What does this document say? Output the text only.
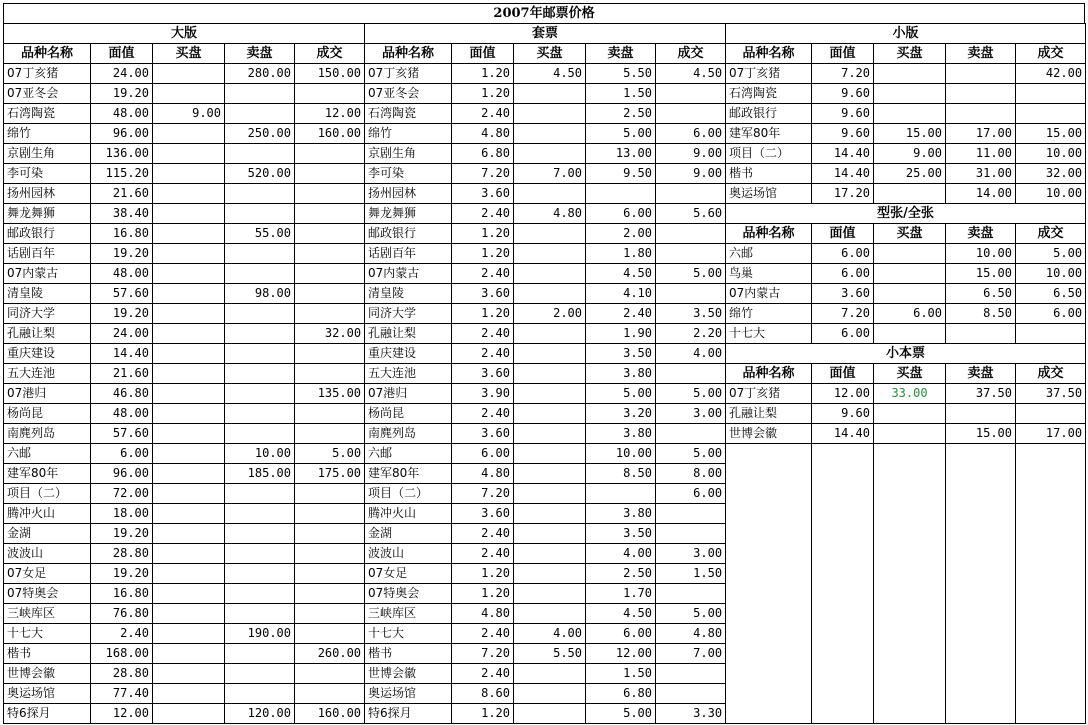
2007年邮票价格
大版				
品种名称	面值	买盘	卖盘	成交
07丁亥猪	24.00		280.00	150.00
07亚冬会	19.20			
石湾陶瓷	48.00	9.00		12.00
绵竹	96.00		250.00	160.00
京剧生角	136.00			
李可染	115.20		520.00	
扬州园林	21.60			
舞龙舞狮	38.40			
邮政银行	16.80		55.00	
话剧百年	19.20			
07内蒙古	48.00			
清皇陵	57.60		98.00	
同济大学	19.20			
孔融让梨	24.00			32.00
重庆建设	14.40			
五大连池	21.60			
07港归	46.80			135.00
杨尚昆	48.00			
南麂列岛	57.60			
六邮	6.00		10.00	5.00
建军80年	96.00		185.00	175.00
项目（二）	72.00			
腾冲火山	18.00			
金湖	19.20			
波波山	28.80			
07女足	19.20			
07特奥会	16.80			
三峡库区	76.80			
十七大	2.40		190.00	
楷书	168.00			260.00
世博会徽	28.80			
奥运场馆	77.40			
特6探月	12.00		120.00	160.00
套票				
品种名称	面值	买盘	卖盘	成交
07丁亥猪	1.20	4.50	5.50	4.50
07亚冬会	1.20		1.50	
石湾陶瓷	2.40		2.50	
绵竹	4.80		5.00	6.00
京剧生角	6.80		13.00	9.00
李可染	7.20	7.00	9.50	9.00
扬州园林	3.60			
舞龙舞狮	2.40	4.80	6.00	5.60
邮政银行	1.20		2.00	
话剧百年	1.20		1.80	
07内蒙古	2.40		4.50	5.00
清皇陵	3.60		4.10	
同济大学	1.20	2.00	2.40	3.50
孔融让梨	2.40		1.90	2.20
重庆建设	2.40		3.50	4.00
五大连池	3.60		3.80	
07港归	3.90		5.00	5.00
杨尚昆	2.40		3.20	3.00
南麂列岛	3.60		3.80	
六邮	6.00		10.00	5.00
建军80年	4.80		8.50	8.00
项目（二）	7.20			6.00
腾冲火山	3.60		3.80	
金湖	2.40		3.50	
波波山	2.40		4.00	3.00
07女足	1.20		2.50	1.50
07特奥会	1.20		1.70	
三峡库区	4.80		4.50	5.00
十七大	2.40	4.00	6.00	4.80
楷书	7.20	5.50	12.00	7.00
世博会徽	2.40		1.50	
奥运场馆	8.60		6.80	
特6探月	1.20		5.00	3.30
小版				
品种名称	面值	买盘	卖盘	成交
07丁亥猪	7.20			42.00
石湾陶瓷	9.60			
邮政银行	9.60			
建军80年	9.60	15.00	17.00	15.00
项目（二）	14.40	9.00	11.00	10.00
楷书	14.40	25.00	31.00	32.00
奥运场馆	17.20		14.00	10.00
型张/全张				
品种名称	面值	买盘	卖盘	成交
六邮	6.00		10.00	5.00
鸟巢	6.00		15.00	10.00
07内蒙古	3.60		6.50	6.50
绵竹	7.20	6.00	8.50	6.00
十七大	6.00			
小本票				
品种名称	面值	买盘	卖盘	成交
07丁亥猪	12.00	33.00	37.50	37.50
孔融让梨	9.60			
世博会徽	14.40		15.00	17.00
